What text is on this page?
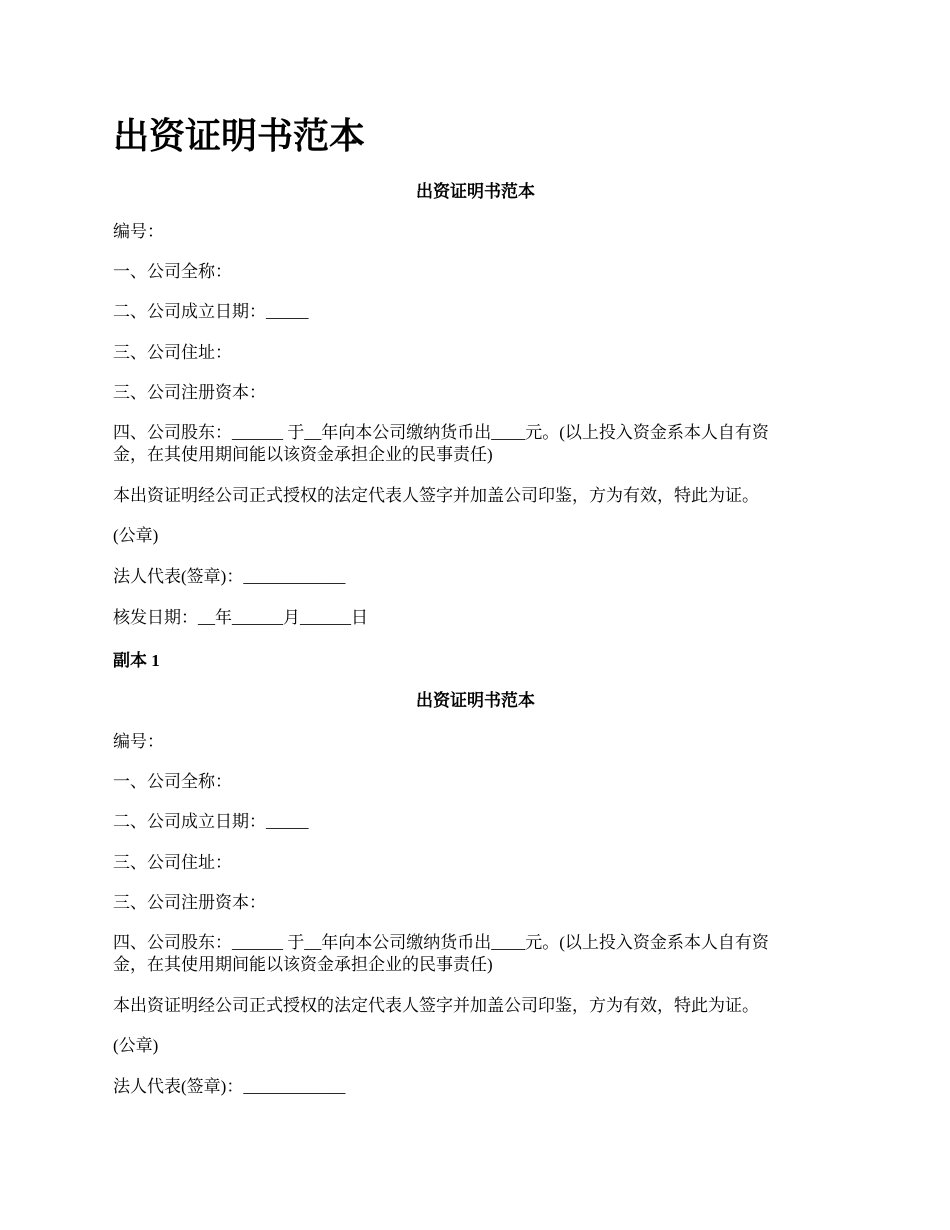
出资证明书范本

出资证明书范本

编号：

一、公司全称：

二、公司成立日期：_____

三、公司住址：

三、公司注册资本：

四、公司股东：______ 于__年向本公司缴纳货币出____元。(以上投入资金系本人自有资

金，在其使用期间能以该资金承担企业的民事责任)

本出资证明经公司正式授权的法定代表人签字并加盖公司印鉴，方为有效，特此为证。

(公章)

法人代表(签章)：____________

核发日期：__年______月______日

副本 1

出资证明书范本

编号：

一、公司全称：

二、公司成立日期：_____

三、公司住址：

三、公司注册资本：

四、公司股东：______ 于__年向本公司缴纳货币出____元。(以上投入资金系本人自有资

金，在其使用期间能以该资金承担企业的民事责任)

本出资证明经公司正式授权的法定代表人签字并加盖公司印鉴，方为有效，特此为证。

(公章)

法人代表(签章)：____________
